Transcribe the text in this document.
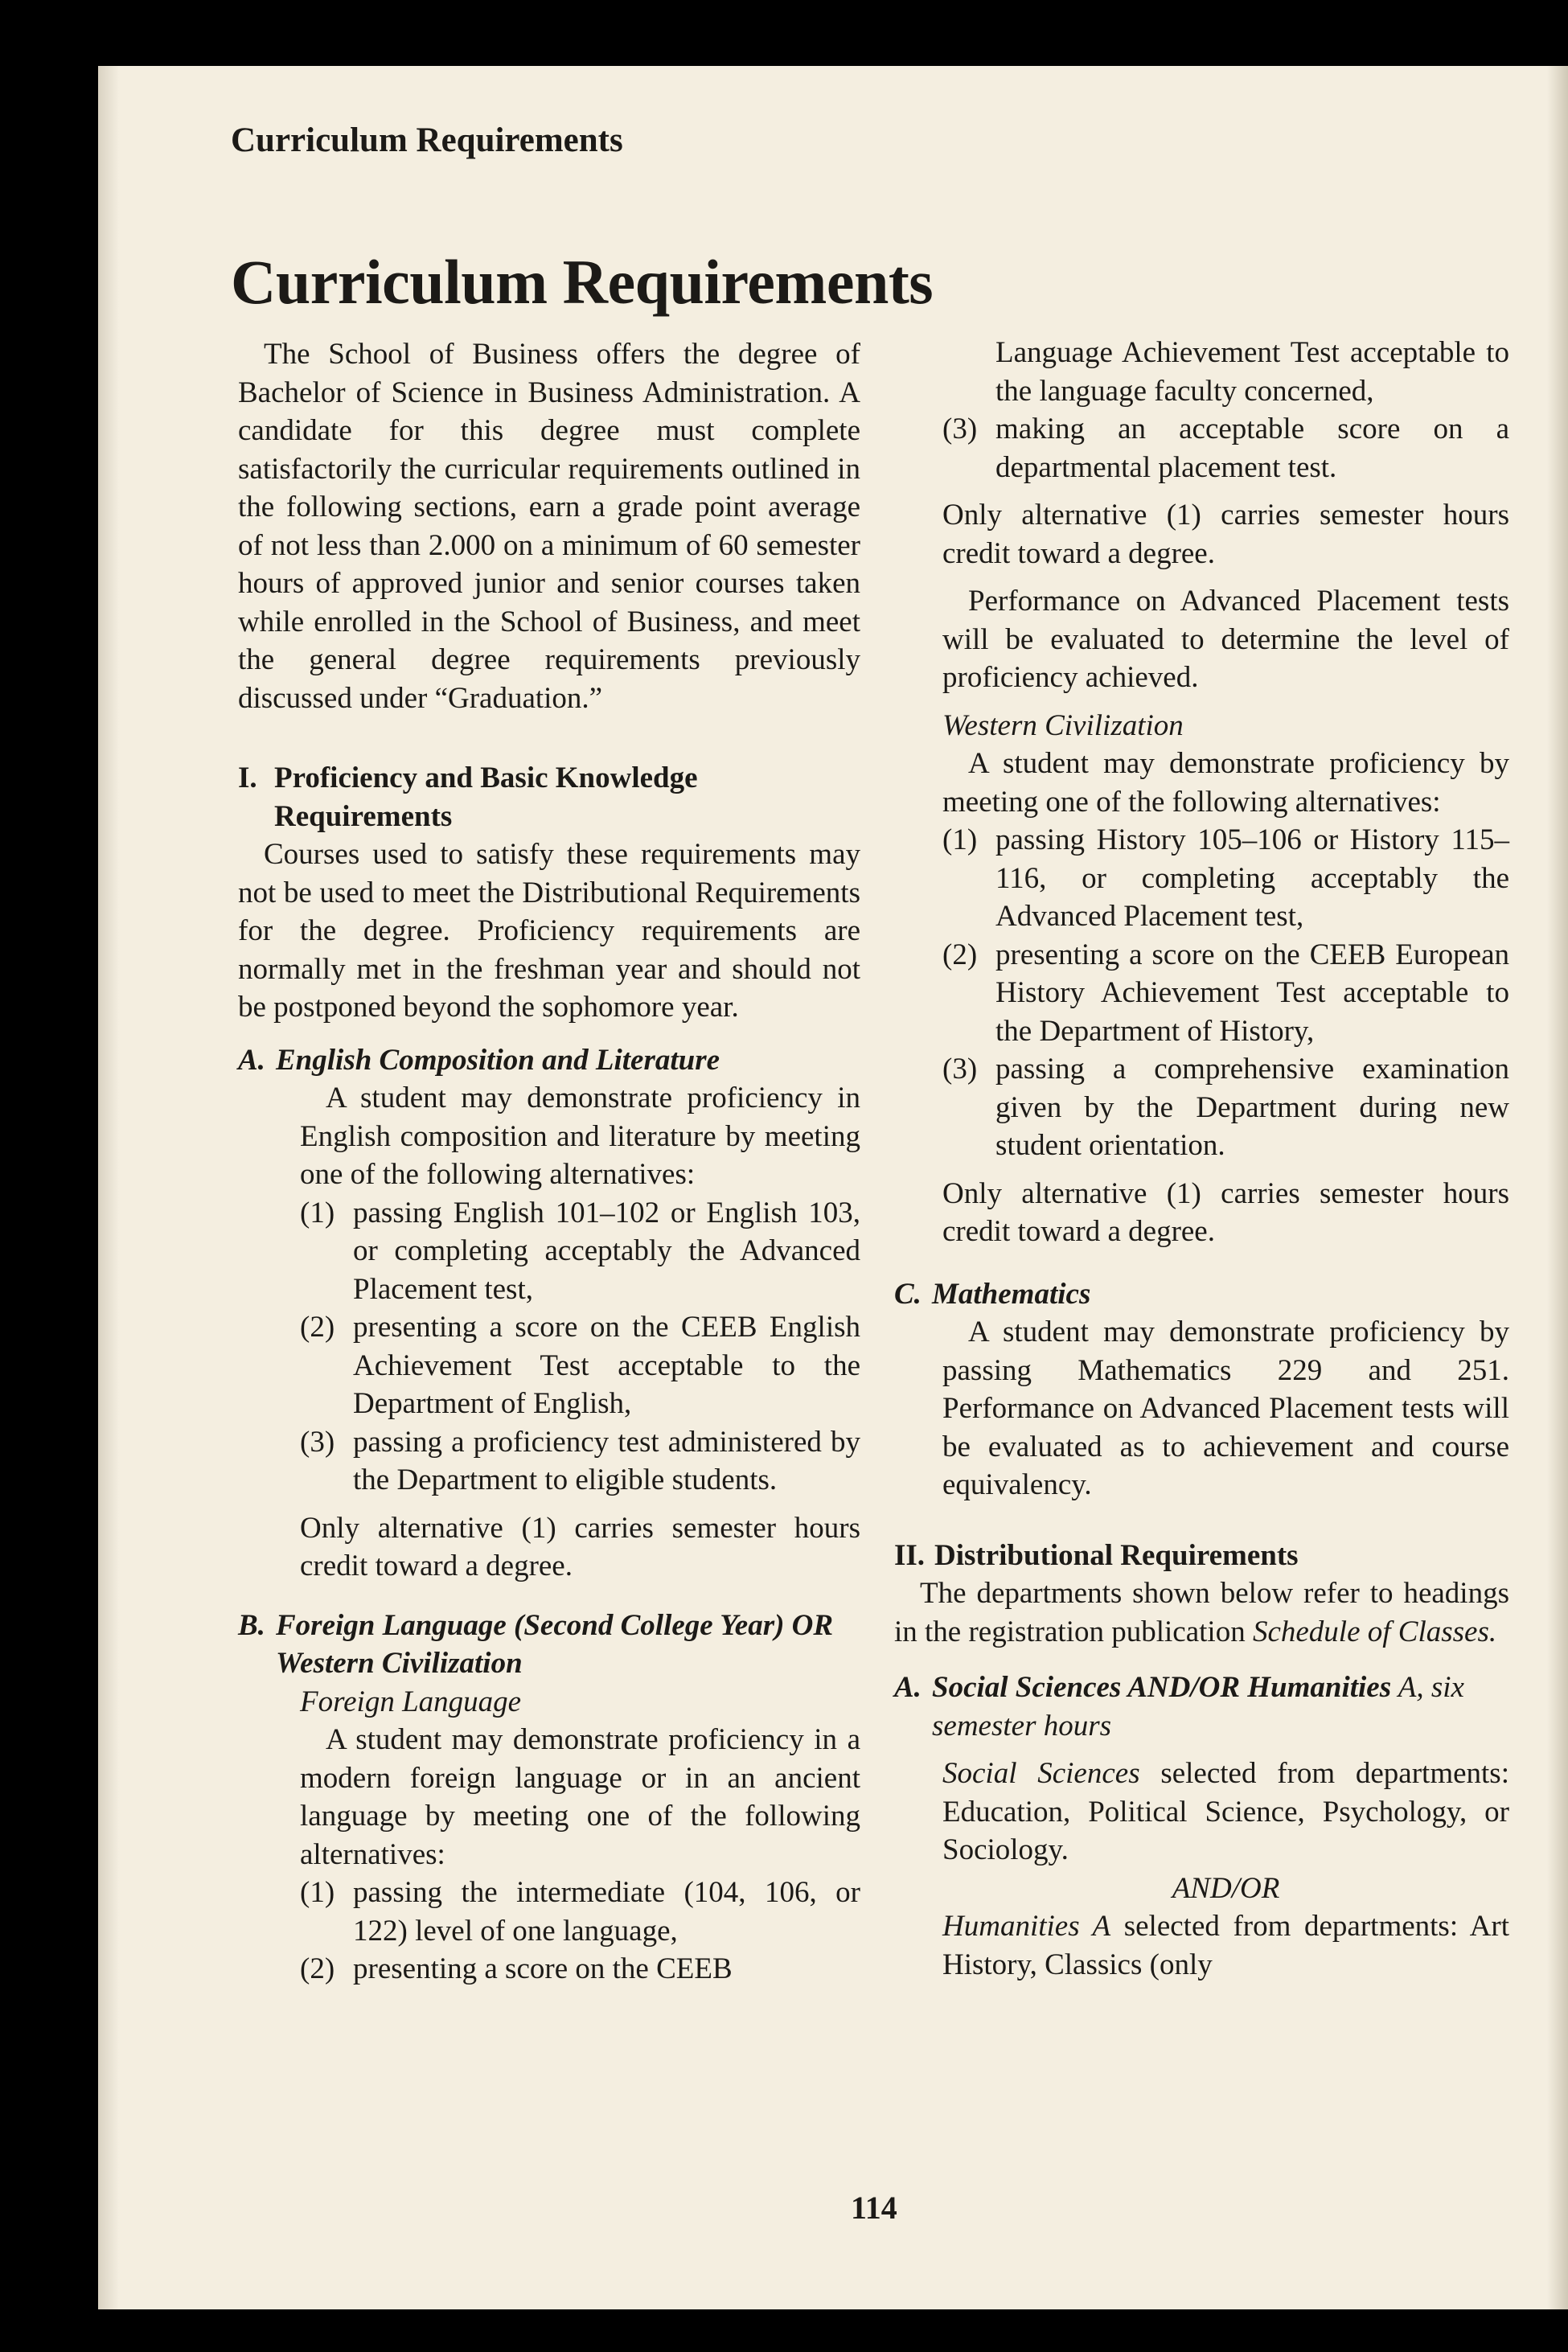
Curriculum Requirements
Curriculum Requirements

The School of Business offers the degree of Bachelor of Science in Business Administration. A candidate for this degree must complete satisfactorily the curricular requirements outlined in the following sections, earn a grade point average of not less than 2.000 on a minimum of 60 semester hours of approved junior and senior courses taken while enrolled in the School of Business, and meet the general degree requirements previously discussed under “Graduation.”

I. Proficiency and Basic Knowledge Requirements

Courses used to satisfy these requirements may not be used to meet the Distributional Requirements for the degree. Proficiency requirements are normally met in the freshman year and should not be postponed beyond the sophomore year.

A. English Composition and Literature

A student may demonstrate proficiency in English composition and literature by meeting one of the following alternatives:

(1) passing English 101–102 or English 103, or completing acceptably the Advanced Placement test,
(2) presenting a score on the CEEB English Achievement Test acceptable to the Department of English,
(3) passing a proficiency test administered by the Department to eligible students.

Only alternative (1) carries semester hours credit toward a degree.

B. Foreign Language (Second College Year) OR Western Civilization

Foreign Language

A student may demonstrate proficiency in a modern foreign language or in an ancient language by meeting one of the following alternatives:

(1) passing the intermediate (104, 106, or 122) level of one language,
(2) presenting a score on the CEEB

Language Achievement Test acceptable to the language faculty concerned,

(3) making an acceptable score on a departmental placement test.

Only alternative (1) carries semester hours credit toward a degree.

Performance on Advanced Placement tests will be evaluated to determine the level of proficiency achieved.

Western Civilization

A student may demonstrate proficiency by meeting one of the following alternatives:

(1) passing History 105–106 or History 115–116, or completing acceptably the Advanced Placement test,
(2) presenting a score on the CEEB European History Achievement Test acceptable to the Department of History,
(3) passing a comprehensive examination given by the Department during new student orientation.

Only alternative (1) carries semester hours credit toward a degree.

C. Mathematics

A student may demonstrate proficiency by passing Mathematics 229 and 251. Performance on Advanced Placement tests will be evaluated as to achievement and course equivalency.

II. Distributional Requirements

The departments shown below refer to headings in the registration publication Schedule of Classes.

A. Social Sciences AND/OR Humanities A, six semester hours

Social Sciences selected from departments: Education, Political Science, Psychology, or Sociology.

AND/OR

Humanities A selected from departments: Art History, Classics (only

114
